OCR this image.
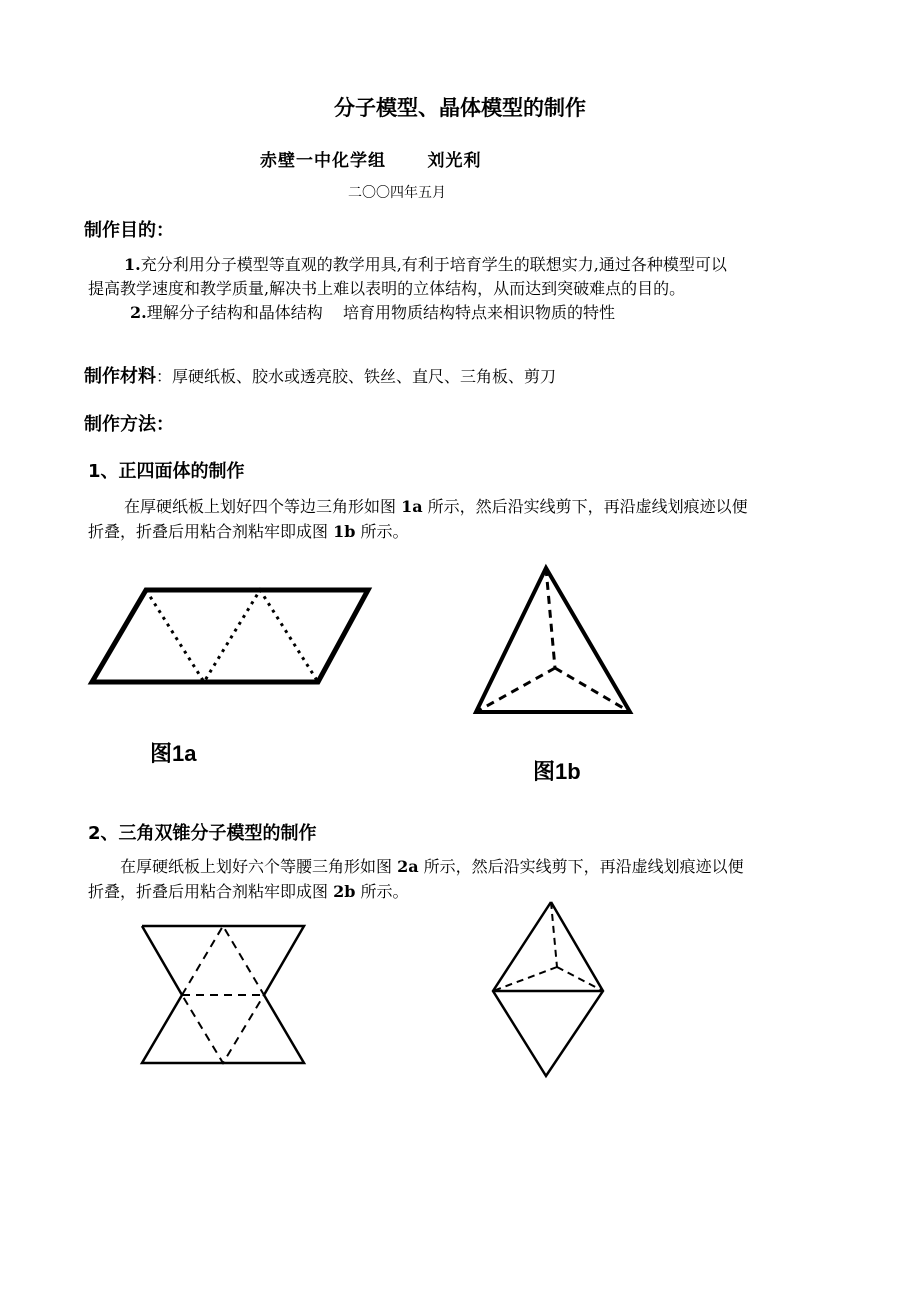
分子模型、晶体模型的制作
赤壁一中化学组      刘光利
二〇〇四年五月
制作目的：
1.充分利用分子模型等直观的教学用具,有利于培育学生的联想实力,通过各种模型可以
提高教学速度和教学质量,解决书上难以表明的立体结构，从而达到突破难点的目的。
2.理解分子结构和晶体结构    培育用物质结构特点来相识物质的特性
制作材料：厚硬纸板、胶水或透亮胶、铁丝、直尺、三角板、剪刀
制作方法：
1、正四面体的制作
在厚硬纸板上划好四个等边三角形如图 1a 所示，然后沿实线剪下，再沿虚线划痕迹以便
折叠，折叠后用粘合剂粘牢即成图 1b 所示。
图1a
图1b
2、三角双锥分子模型的制作
在厚硬纸板上划好六个等腰三角形如图 2a 所示，然后沿实线剪下，再沿虚线划痕迹以便
折叠，折叠后用粘合剂粘牢即成图 2b 所示。
